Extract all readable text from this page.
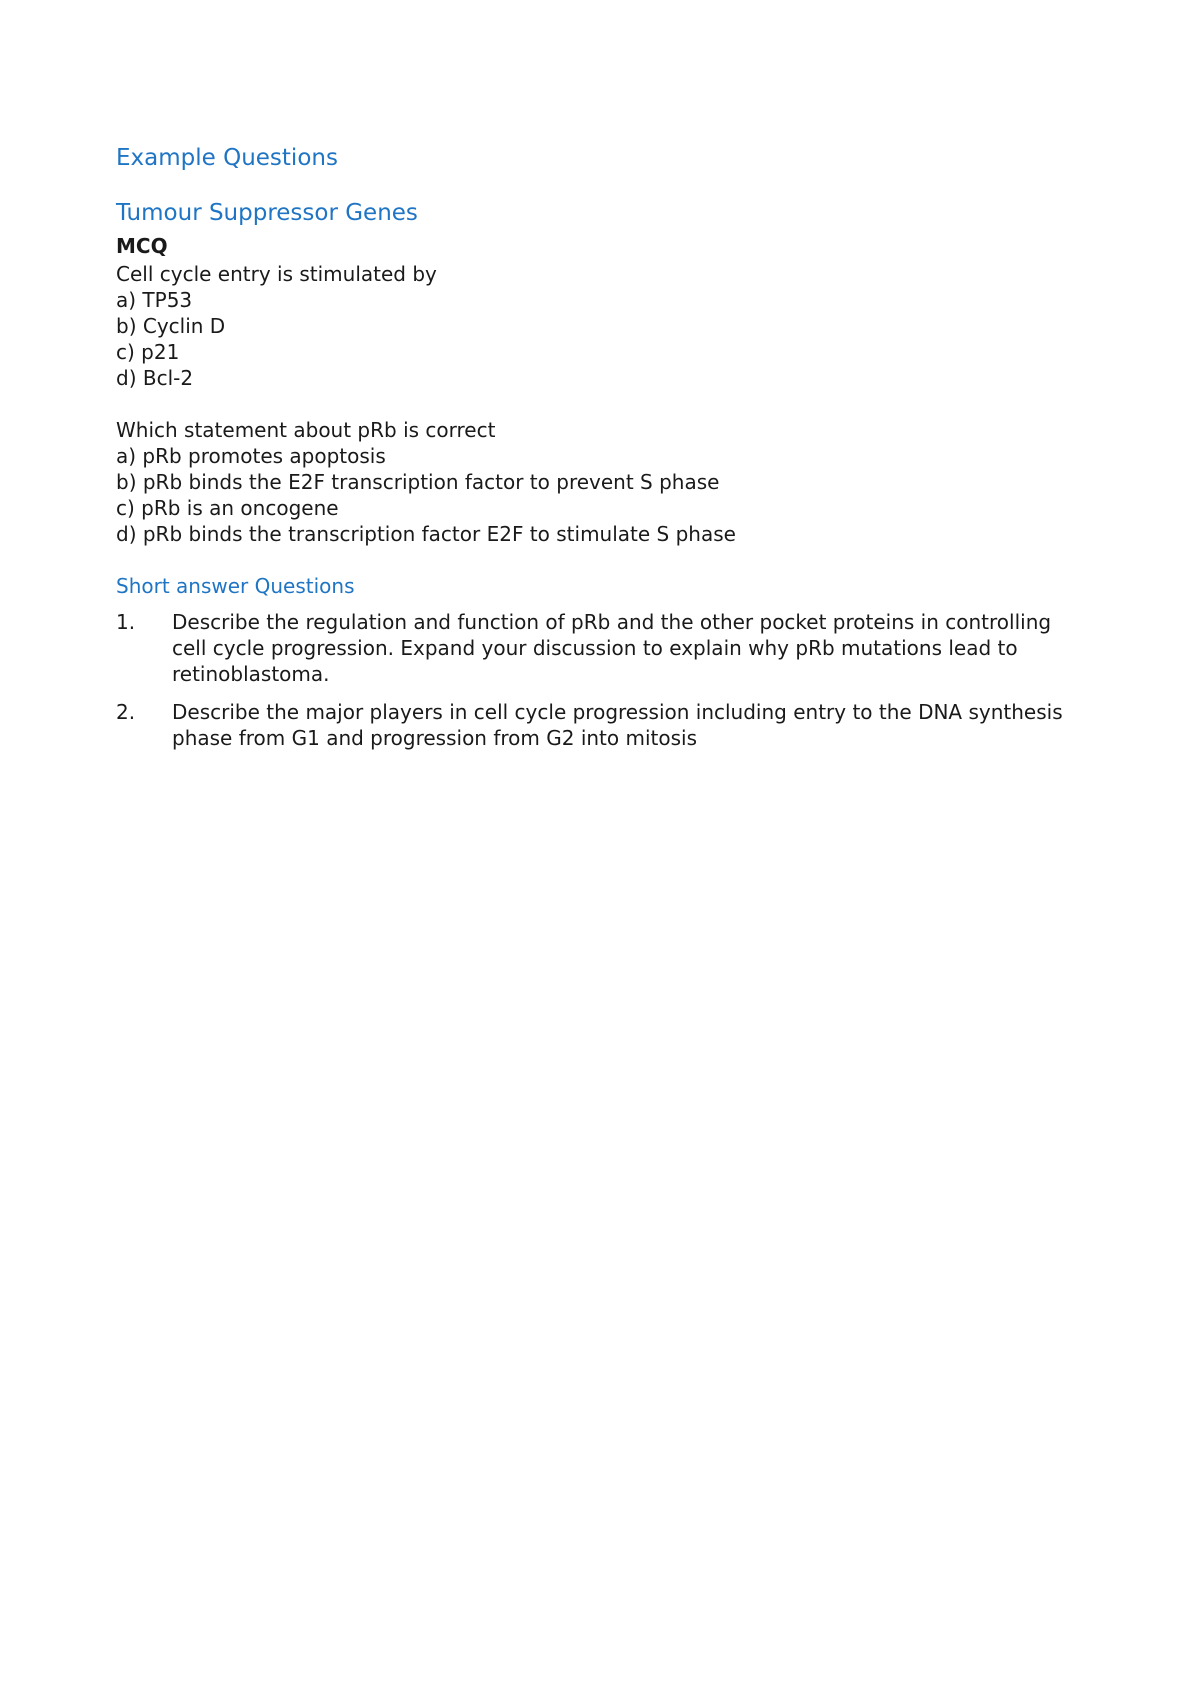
Example Questions
Tumour Suppressor Genes
MCQ
Cell cycle entry is stimulated by
a) TP53
b) Cyclin D
c) p21
d) Bcl-2
Which statement about pRb is correct
a) pRb promotes apoptosis
b) pRb binds the E2F transcription factor to prevent S phase
c) pRb is an oncogene
d) pRb binds the transcription factor E2F to stimulate S phase
Short answer Questions
1. Describe the regulation and function of pRb and the other pocket proteins in controlling cell cycle progression. Expand your discussion to explain why pRb mutations lead to retinoblastoma.
2. Describe the major players in cell cycle progression including entry to the DNA synthesis phase from G1 and progression from G2 into mitosis
